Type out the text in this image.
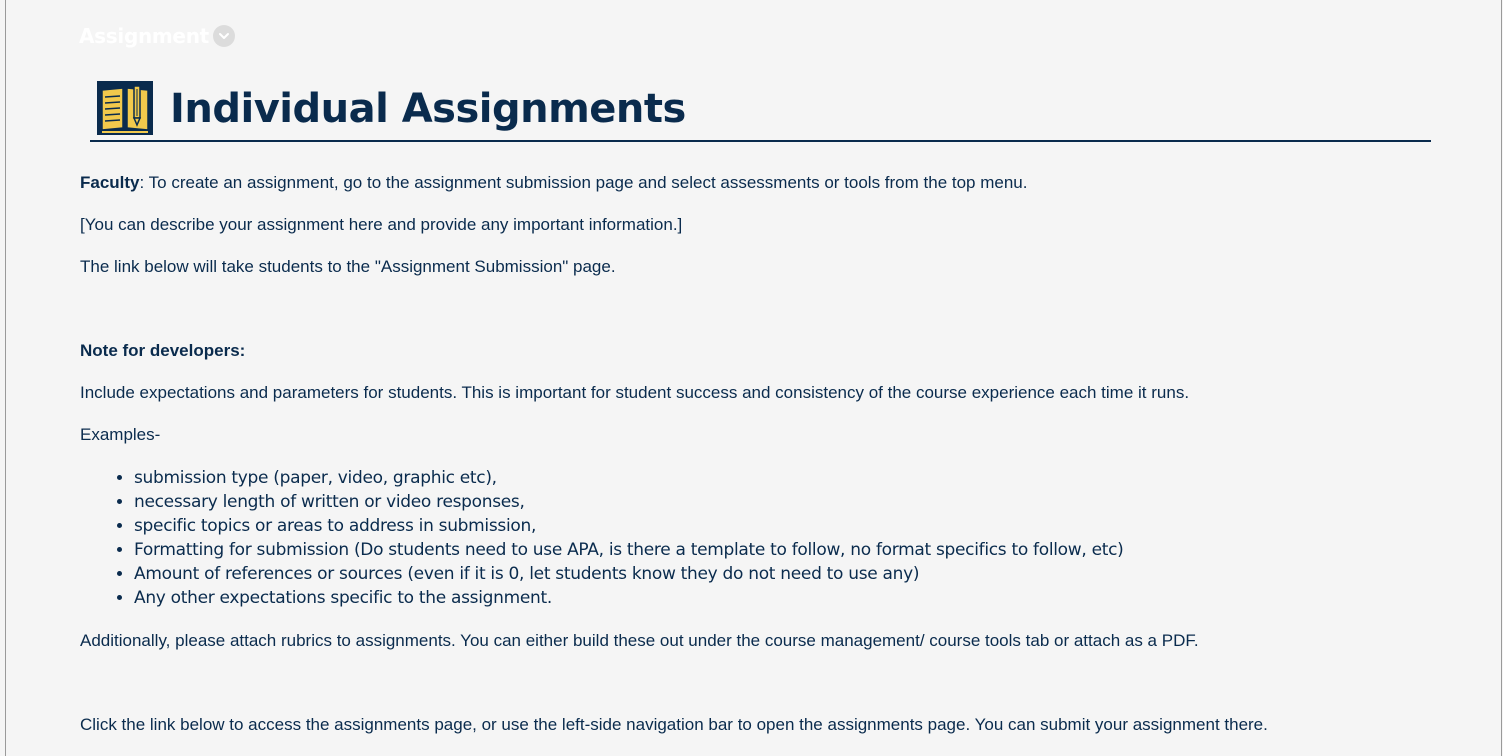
Assignment
Individual Assignments

Faculty: To create an assignment, go to the assignment submission page and select assessments or tools from the top menu.

[You can describe your assignment here and provide any important information.]

The link below will take students to the "Assignment Submission" page.

Note for developers:

Include expectations and parameters for students. This is important for student success and consistency of the course experience each time it runs.

Examples-

• submission type (paper, video, graphic etc),
• necessary length of written or video responses,
• specific topics or areas to address in submission,
• Formatting for submission (Do students need to use APA, is there a template to follow, no format specifics to follow, etc)
• Amount of references or sources (even if it is 0, let students know they do not need to use any)
• Any other expectations specific to the assignment.

Additionally, please attach rubrics to assignments. You can either build these out under the course management/ course tools tab or attach as a PDF.

Click the link below to access the assignments page, or use the left-side navigation bar to open the assignments page. You can submit your assignment there.
